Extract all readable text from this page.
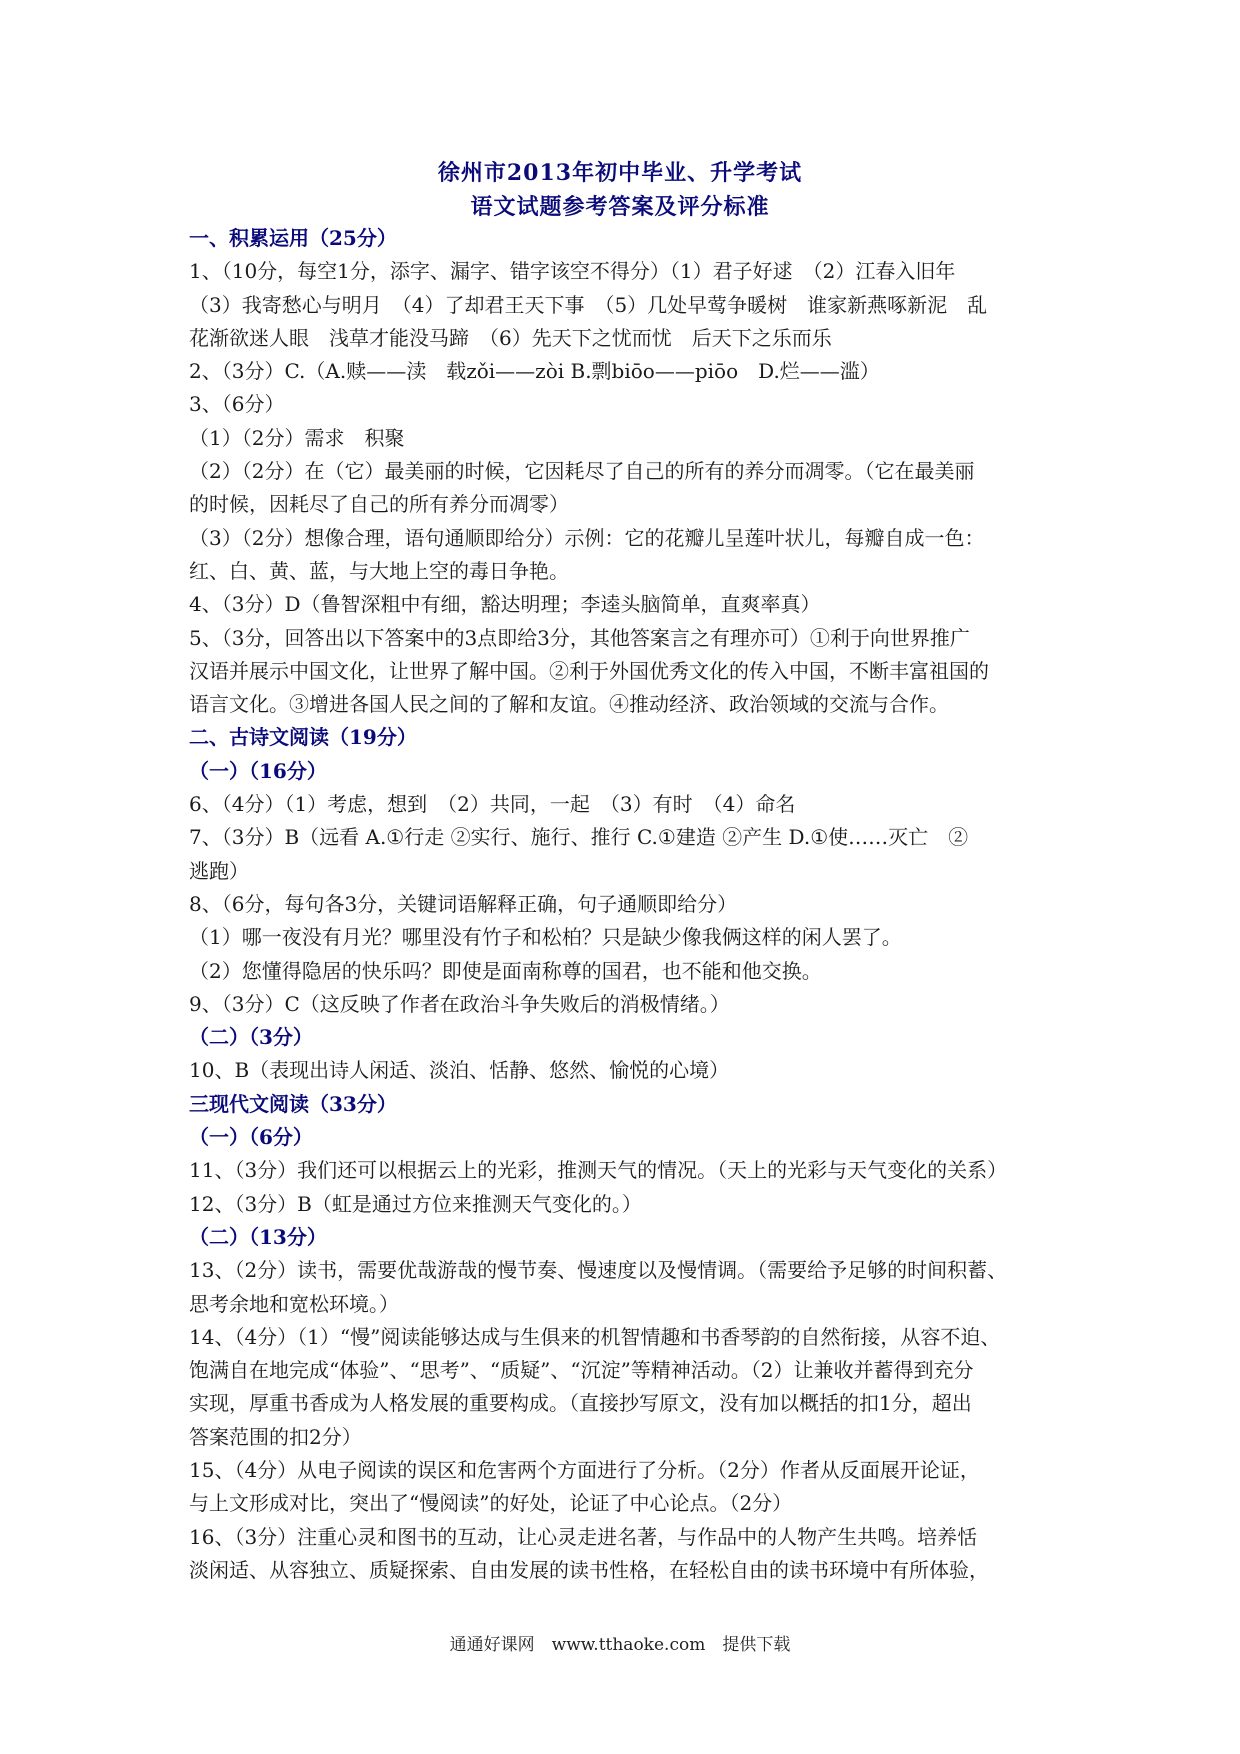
徐州市2013年初中毕业、升学考试
语文试题参考答案及评分标准
一、积累运用（25分）
1、（10分，每空1分，添字、漏字、错字该空不得分）（1）君子好逑　（2）江春入旧年
（3）我寄愁心与明月　（4）了却君王天下事　（5）几处早莺争暖树　谁家新燕啄新泥　乱
花渐欲迷人眼　浅草才能没马蹄　（6）先天下之忧而忧　后天下之乐而乐
2、（3分）C.（A.赎——渎　载zǒi——zòi B.剽biōo——piōo　D.烂——滥）
3、（6分）
（1）（2分）需求　积聚
（2）（2分）在（它）最美丽的时候，它因耗尽了自己的所有的养分而凋零。（它在最美丽
的时候，因耗尽了自己的所有养分而凋零）
（3）（2分）想像合理，语句通顺即给分）示例：它的花瓣儿呈莲叶状儿，每瓣自成一色：
红、白、黄、蓝，与大地上空的毒日争艳。
4、（3分）D（鲁智深粗中有细，豁达明理；李逵头脑简单，直爽率真）
5、（3分，回答出以下答案中的3点即给3分，其他答案言之有理亦可）①利于向世界推广
汉语并展示中国文化，让世界了解中国。②利于外国优秀文化的传入中国，不断丰富祖国的
语言文化。③增进各国人民之间的了解和友谊。④推动经济、政治领域的交流与合作。
二、古诗文阅读（19分）
（一）（16分）
6、（4分）（1）考虑，想到　（2）共同，一起　（3）有时　（4）命名
7、（3分）B（远看 A.①行走 ②实行、施行、推行 C.①建造 ②产生 D.①使……灭亡　②
逃跑）
8、（6分，每句各3分，关键词语解释正确，句子通顺即给分）
（1）哪一夜没有月光？哪里没有竹子和松柏？只是缺少像我俩这样的闲人罢了。
（2）您懂得隐居的快乐吗？即使是面南称尊的国君，也不能和他交换。
9、（3分）C（这反映了作者在政治斗争失败后的消极情绪。）
（二）（3分）
10、B（表现出诗人闲适、淡泊、恬静、悠然、愉悦的心境）
三现代文阅读（33分）
（一）（6分）
11、（3分）我们还可以根据云上的光彩，推测天气的情况。（天上的光彩与天气变化的关系）
12、（3分）B（虹是通过方位来推测天气变化的。）
（二）（13分）
13、（2分）读书，需要优哉游哉的慢节奏、慢速度以及慢情调。（需要给予足够的时间积蓄、
思考余地和宽松环境。）
14、（4分）（1）“慢”阅读能够达成与生俱来的机智情趣和书香琴韵的自然衔接，从容不迫、
饱满自在地完成“体验”、“思考”、“质疑”、“沉淀”等精神活动。（2）让兼收并蓄得到充分
实现，厚重书香成为人格发展的重要构成。（直接抄写原文，没有加以概括的扣1分，超出
答案范围的扣2分）
15、（4分）从电子阅读的误区和危害两个方面进行了分析。（2分）作者从反面展开论证，
与上文形成对比，突出了“慢阅读”的好处，论证了中心论点。（2分）
16、（3分）注重心灵和图书的互动，让心灵走进名著，与作品中的人物产生共鸣。培养恬
淡闲适、从容独立、质疑探索、自由发展的读书性格，在轻松自由的读书环境中有所体验，
通通好课网　www.tthaoke.com　提供下载
